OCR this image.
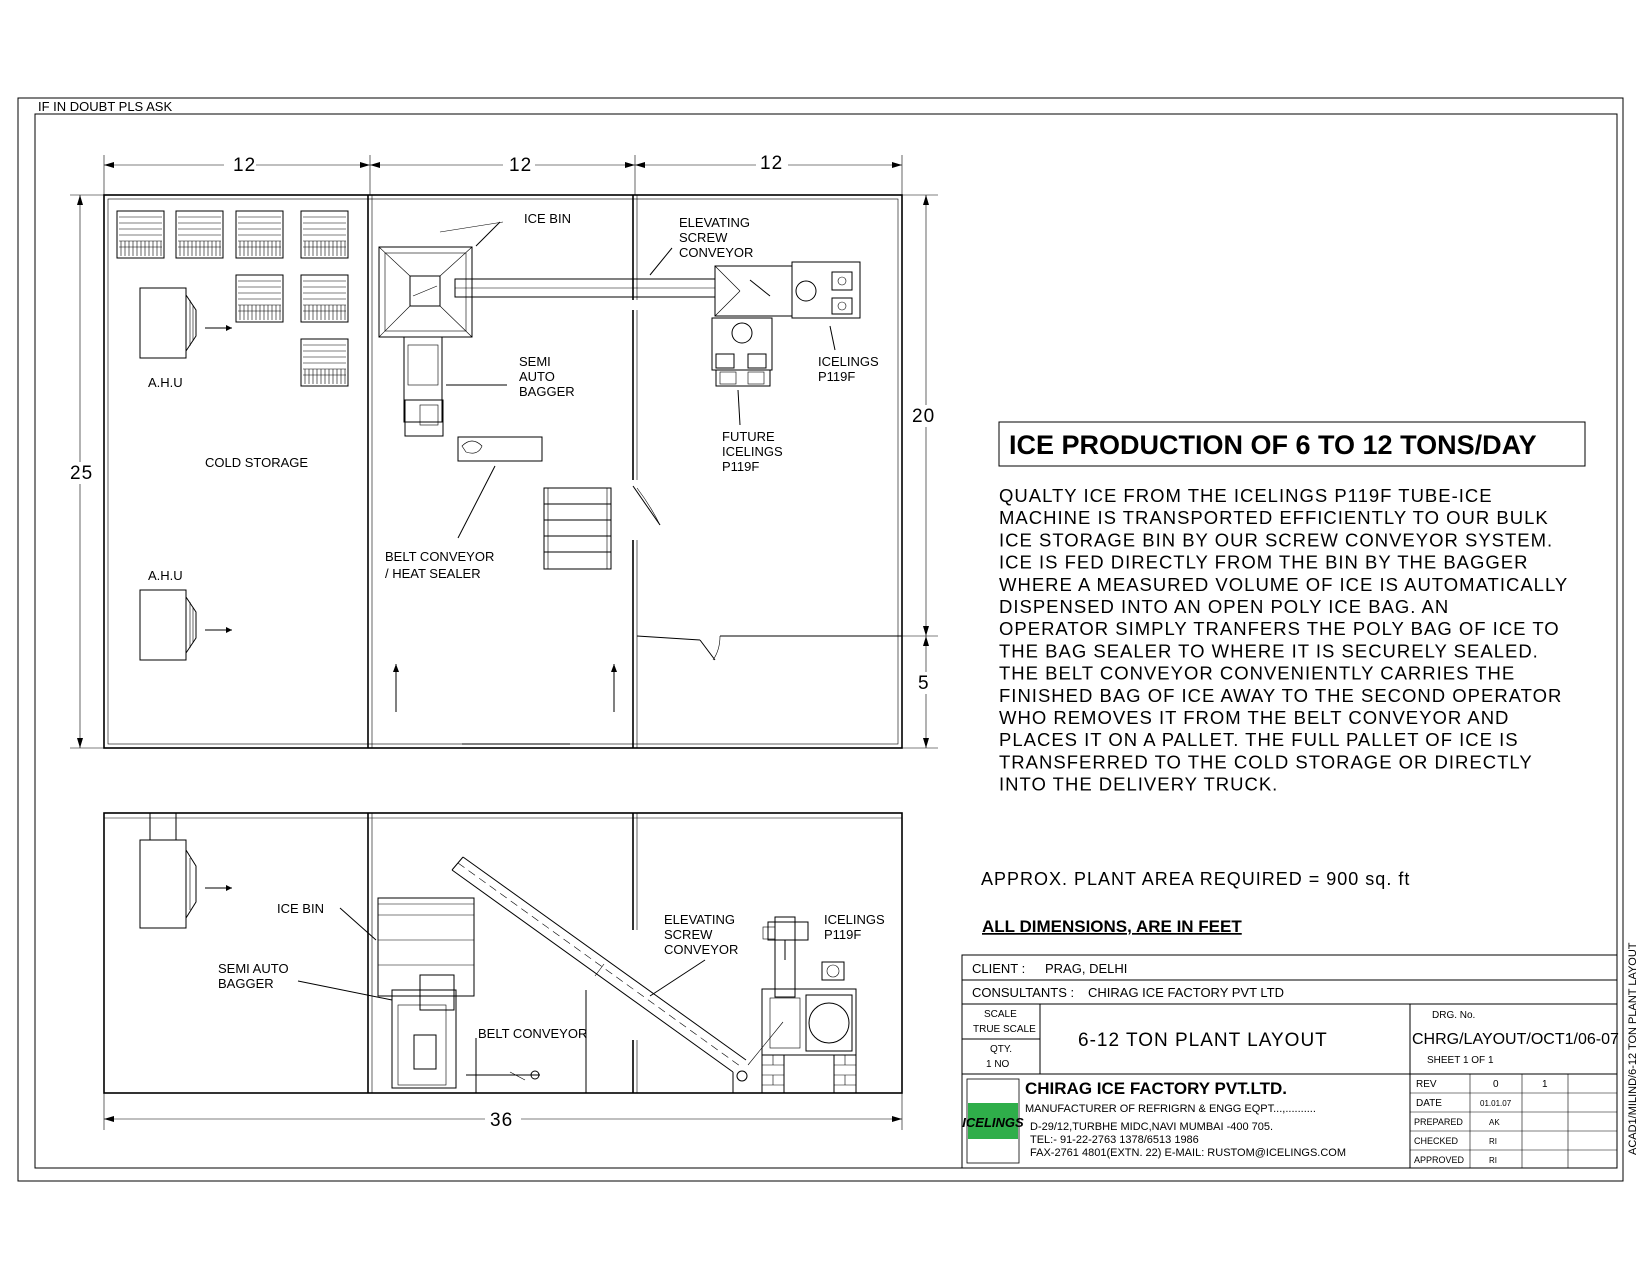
IF IN DOUBT PLS ASK
A.H.U
A.H.U
COLD STORAGE
ICE BIN	ELEVATING
SCREW
CONVEYOR
ICELINGS
P119F
FUTURE
ICELINGS
P119F
SEMI
AUTO
BAGGER
BELT CONVEYOR
/ HEAT SEALER
12	12	12
25
20
5
ICE BIN
SEMI AUTO
BAGGER
BELT CONVEYOR
ELEVATING
SCREW
CONVEYOR
ICELINGS
P119F
36
ICE PRODUCTION OF 6 TO 12 TONS/DAY
QUALTY ICE FROM THE ICELINGS P119F TUBE-ICE
MACHINE IS TRANSPORTED EFFICIENTLY TO OUR BULK
ICE STORAGE BIN BY OUR SCREW CONVEYOR SYSTEM.
ICE IS FED DIRECTLY FROM THE BIN BY THE BAGGER
WHERE A MEASURED VOLUME OF ICE IS AUTOMATICALLY
DISPENSED INTO AN OPEN POLY ICE BAG. AN
OPERATOR SIMPLY TRANFERS THE POLY BAG OF ICE TO
THE BAG SEALER TO WHERE IT IS SECURELY SEALED.
THE BELT CONVEYOR CONVENIENTLY CARRIES THE
FINISHED BAG OF ICE AWAY TO THE SECOND OPERATOR
WHO REMOVES IT FROM THE BELT CONVEYOR AND
PLACES IT ON A PALLET. THE FULL PALLET OF ICE IS
TRANSFERRED TO THE COLD STORAGE OR DIRECTLY
INTO THE DELIVERY TRUCK.
APPROX. PLANT AREA REQUIRED = 900 sq. ft
ALL DIMENSIONS, ARE IN FEET
CLIENT : PRAG, DELHI
CONSULTANTS : CHIRAG ICE FACTORY PVT LTD
SCALE
TRUE SCALE
QTY.
1 NO
6-12 TON PLANT LAYOUT
DRG. No.
CHRG/LAYOUT/OCT1/06-07
SHEET 1 OF 1
ICELINGS
CHIRAG ICE FACTORY PVT.LTD.
MANUFACTURER OF REFRIGRN & ENGG EQPT...,..........
D-29/12,TURBHE MIDC,NAVI MUMBAI -400 705.
TEL:- 91-22-2763 1378/6513 1986
FAX-2761 4801(EXTN. 22) E-MAIL: RUSTOM@ICELINGS.COM
REV	0	1
DATE	01.01.07
PREPARED	AK
CHECKED	RI
APPROVED	RI
ACAD1/MILIND/6-12 TON PLANT LAYOUT
